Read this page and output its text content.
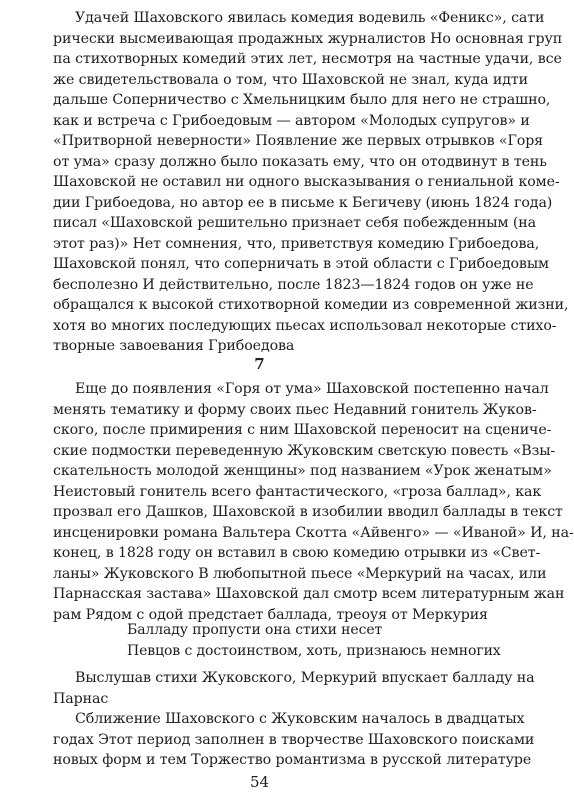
Удачей Шаховского явилась комедия водевиль «Феникс», сати
рически высмеивающая продажных журналистов Но основная груп
па стихотворных комедий этих лет, несмотря на частные удачи, все
же свидетельствовала о том, что Шаховской не знал, куда идти
дальше Соперничество с Хмельницким было для него не страшно,
как и встреча с Грибоедовым — автором «Молодых супругов» и
«Притворной неверности» Появление же первых отрывков «Горя
от ума» сразу должно было показать ему, что он отодвинут в тень
Шаховской не оставил ни одного высказывания о гениальной коме-
дии Грибоедова, но автор ее в письме к Бегичеву (июнь 1824 года)
писал «Шаховской решительно признает себя побежденным (на
этот раз)» Нет сомнения, что, приветствуя комедию Грибоедова,
Шаховской понял, что соперничать в этой области с Грибоедовым
бесполезно И действительно, после 1823—1824 годов он уже не
обращался к высокой стихотворной комедии из современной жизни,
хотя во многих последующих пьесах использовал некоторые стихо-
творные завоевания Грибоедова
7
Еще до появления «Горя от ума» Шаховской постепенно начал
менять тематику и форму своих пьес Недавний гонитель Жуков-
ского, после примирения с ним Шаховской переносит на сцениче-
ские подмостки переведенную Жуковским светскую повесть «Взы-
скательность молодой женщины» под названием «Урок женатым»
Неистовый гонитель всего фантастического, «гроза баллад», как
прозвал его Дашков, Шаховской в изобилии вводил баллады в текст
инсценировки романа Вальтера Скотта «Айвенго» — «Иваной» И, на-
конец, в 1828 году он вставил в свою комедию отрывки из «Свет-
ланы» Жуковского В любопытной пьесе «Меркурий на часах, или
Парнасская застава» Шаховской дал смотр всем литературным жан
рам Рядом с одой предстает баллада, треоуя от Меркурия
Балладу пропусти она стихи несет
Певцов с достоинством, хоть, признаюсь немногих
Выслушав стихи Жуковского, Меркурий впускает балладу на
Парнас
Сближение Шаховского с Жуковским началось в двадцатых
годах Этот период заполнен в творчестве Шаховского поисками
новых форм и тем Торжество романтизма в русской литературе
54
